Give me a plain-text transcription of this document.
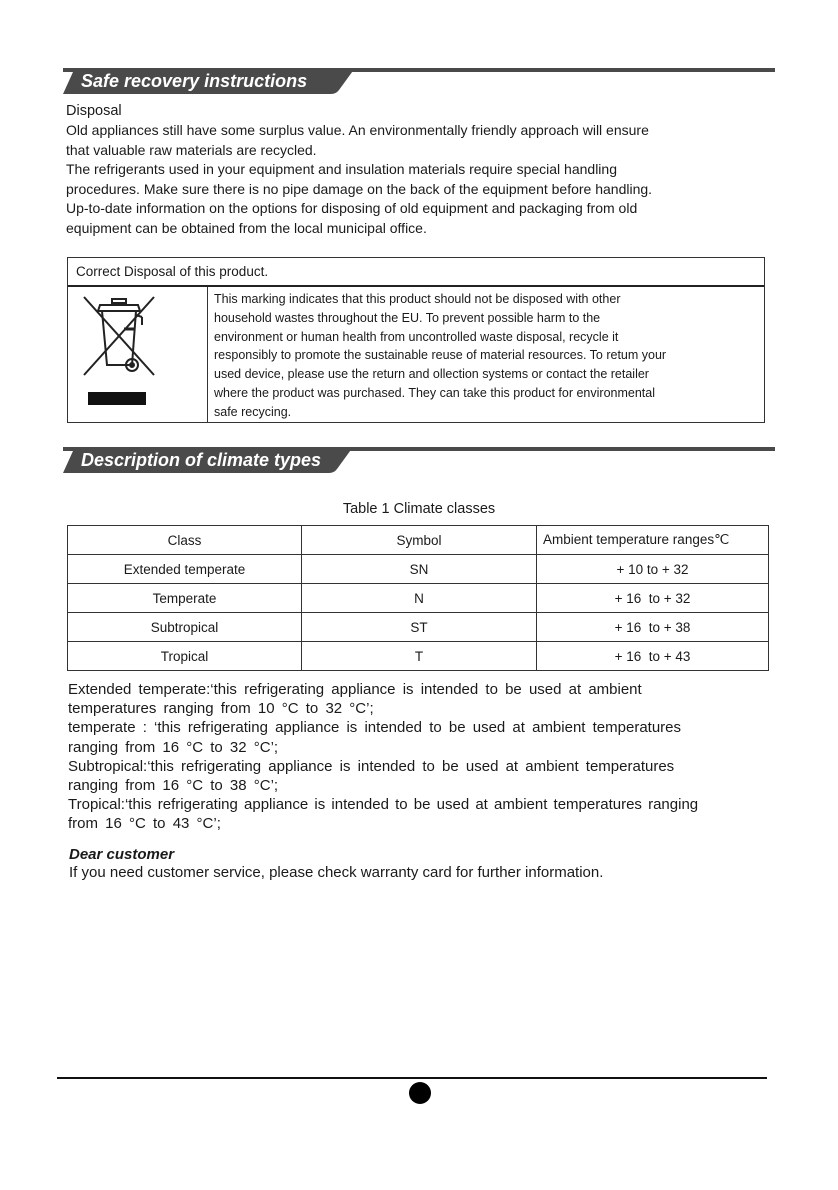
Safe recovery instructions

Disposal

Old appliances still have some surplus value. An environmentally friendly approach will ensure

that valuable raw materials are recycled.

The refrigerants used in your equipment and insulation materials require special handling

procedures. Make sure there is no pipe damage on the back of the equipment before handling.

Up-to-date information on the options for disposing of old equipment and packaging from old

equipment can be obtained from the local municipal office.

Correct Disposal of this product.
This marking indicates that this product should not be disposed with other
household wastes throughout the EU. To prevent possible harm to the
environment or human health from uncontrolled waste disposal, recycle it
responsibly to promote the sustainable reuse of material resources. To retum your
used device, please use the return and ollection systems or contact the retailer
where the product was purchased. They can take this product for environmental
safe recycing.
Description of climate types
Table 1 Climate classes
Class	Symbol	Ambient temperature ranges℃
Extended temperate	SN	+ 10 to + 32
Temperate	N	+ 16  to + 32
Subtropical	ST	+ 16  to + 38
Tropical	T	+ 16  to + 43

Extended temperate:‘this refrigerating appliance is intended to be used at ambient

temperatures ranging from 10 °C to 32 °C’;

temperate : ‘this refrigerating appliance is intended to be used at ambient temperatures

ranging from 16 °C to 32 °C’;

Subtropical:‘this refrigerating appliance is intended to be used at ambient temperatures

ranging from 16 °C to 38 °C’;

Tropical:‘this refrigerating appliance is intended to be used at ambient temperatures ranging

from 16 °C to 43 °C’;

Dear customer
If you need customer service, please check warranty card for further information.
